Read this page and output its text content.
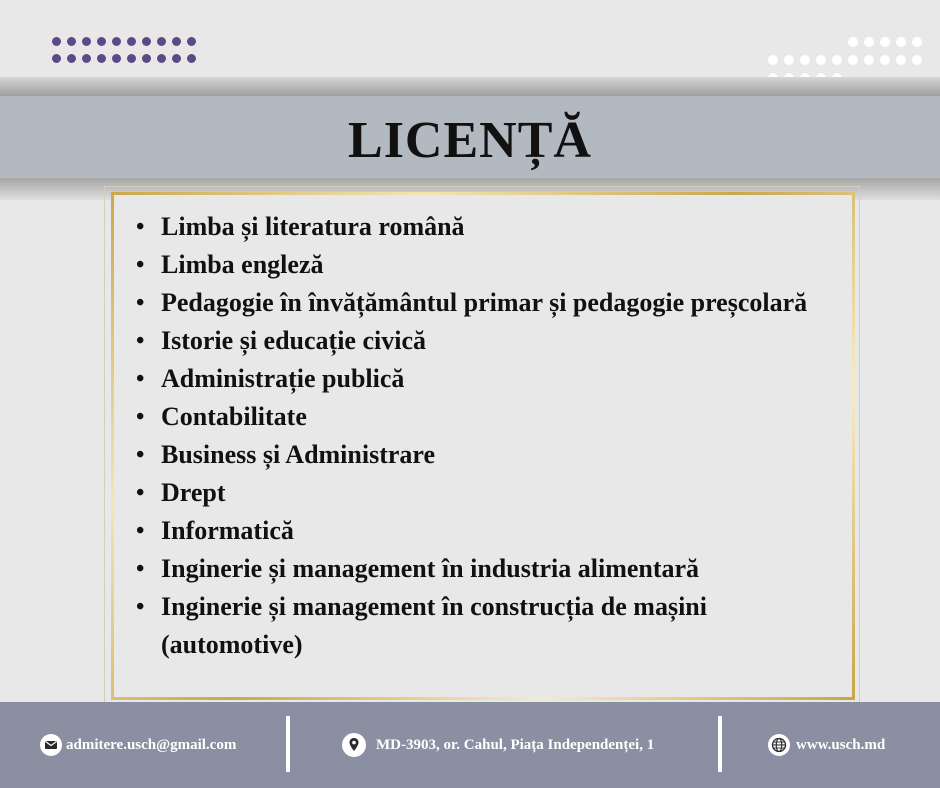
LICENȚĂ
• Limba și literatura română
• Limba engleză
• Pedagogie în învățământul primar și pedagogie preșcolară
• Istorie și educație civică
• Administrație publică
• Contabilitate
• Business și Administrare
• Drept
• Informatică
• Inginerie și management în industria alimentară
• Inginerie și management în construcția de mașini
(automotive)
admitere.usch@gmail.com	MD-3903, or. Cahul, Piața Independenței, 1	www.usch.md
